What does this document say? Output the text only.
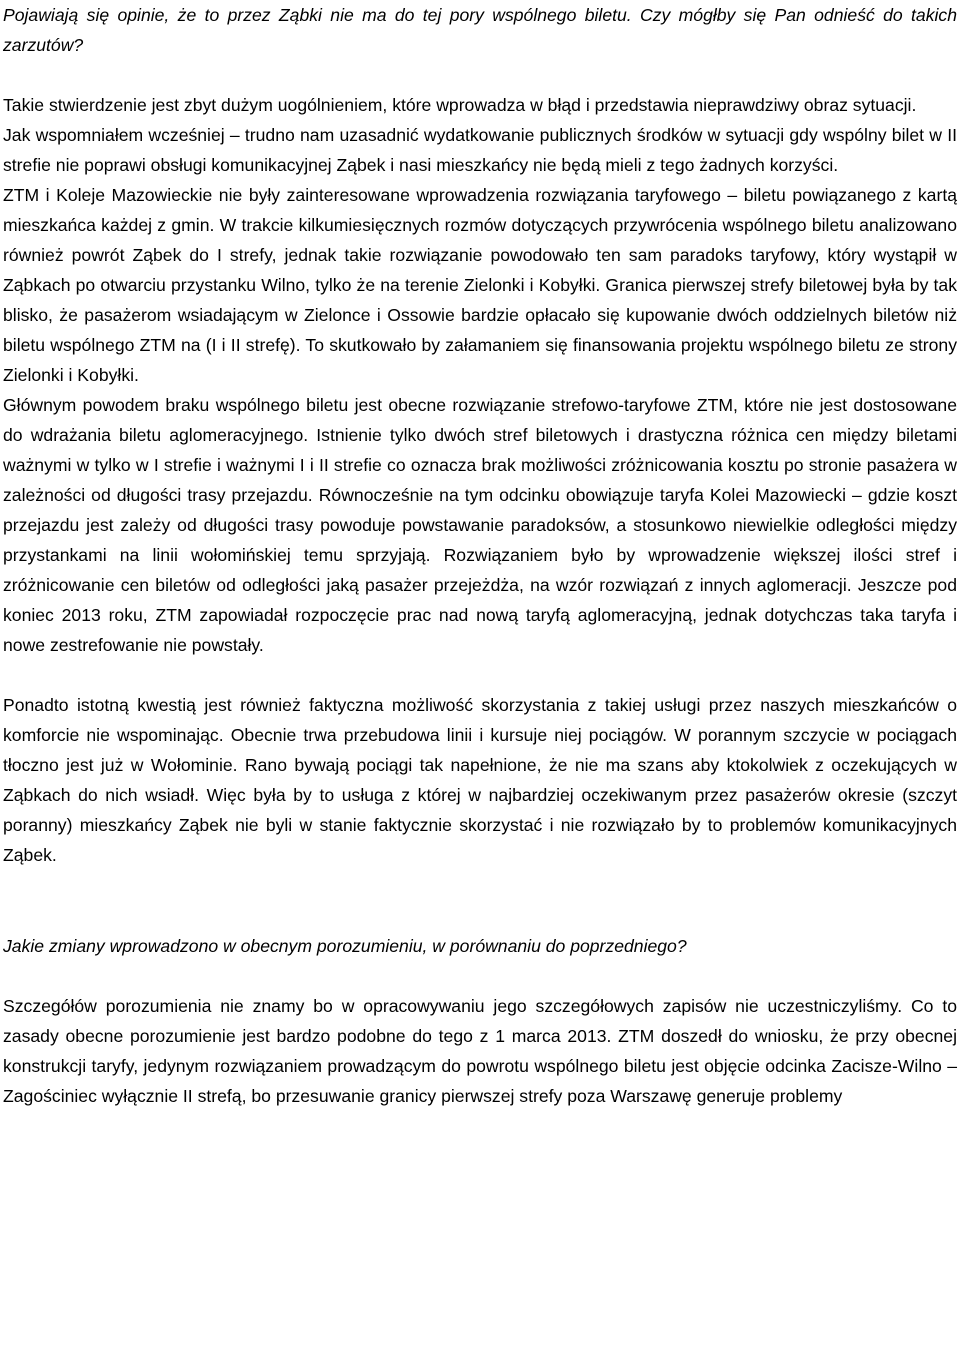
Pojawiają się opinie, że to przez Ząbki nie ma do tej pory wspólnego biletu. Czy mógłby się Pan odnieść do takich zarzutów?

Takie stwierdzenie jest zbyt dużym uogólnieniem, które wprowadza w błąd i przedstawia nieprawdziwy obraz sytuacji.

Jak wspomniałem wcześniej – trudno nam uzasadnić wydatkowanie publicznych środków w sytuacji gdy wspólny bilet w II strefie nie poprawi obsługi komunikacyjnej Ząbek i nasi mieszkańcy nie będą mieli z tego żadnych korzyści.

ZTM i Koleje Mazowieckie nie były zainteresowane wprowadzenia rozwiązania taryfowego – biletu powiązanego z kartą mieszkańca każdej z gmin. W trakcie kilkumiesięcznych rozmów dotyczących przywrócenia wspólnego biletu analizowano również powrót Ząbek do I strefy, jednak takie rozwiązanie powodowało ten sam paradoks taryfowy, który wystąpił w Ząbkach po otwarciu przystanku Wilno, tylko że na terenie Zielonki i Kobyłki. Granica pierwszej strefy biletowej była by tak blisko, że pasażerom wsiadającym w Zielonce i Ossowie bardzie opłacało się kupowanie dwóch oddzielnych biletów niż biletu wspólnego ZTM na (I i II strefę). To skutkowało by załamaniem się finansowania projektu wspólnego biletu ze strony Zielonki i Kobyłki.

Głównym powodem braku wspólnego biletu jest obecne rozwiązanie strefowo-taryfowe ZTM, które nie jest dostosowane do wdrażania biletu aglomeracyjnego. Istnienie tylko dwóch stref biletowych i drastyczna różnica cen między biletami ważnymi w tylko w I strefie i ważnymi I i II strefie co oznacza brak możliwości zróżnicowania kosztu po stronie pasażera w zależności od długości trasy przejazdu. Równocześnie na tym odcinku obowiązuje taryfa Kolei Mazowiecki – gdzie koszt przejazdu jest zależy od długości trasy powoduje powstawanie paradoksów, a stosunkowo niewielkie odległości między przystankami na linii wołomińskiej temu sprzyjają. Rozwiązaniem było by wprowadzenie większej ilości stref i zróżnicowanie cen biletów od odległości jaką pasażer przejeżdża, na wzór rozwiązań z innych aglomeracji. Jeszcze pod koniec 2013 roku, ZTM zapowiadał rozpoczęcie prac nad nową taryfą aglomeracyjną, jednak dotychczas taka taryfa i nowe zestrefowanie nie powstały.

Ponadto istotną kwestią jest również faktyczna możliwość skorzystania z takiej usługi przez naszych mieszkańców o komforcie nie wspominając. Obecnie trwa przebudowa linii i kursuje niej pociągów. W porannym szczycie w pociągach tłoczno jest już w Wołominie. Rano bywają pociągi tak napełnione, że nie ma szans aby ktokolwiek z oczekujących w Ząbkach do nich wsiadł. Więc była by to usługa z której w najbardziej oczekiwanym przez pasażerów okresie (szczyt poranny) mieszkańcy Ząbek nie byli w stanie faktycznie skorzystać i nie rozwiązało by to problemów komunikacyjnych Ząbek.

Jakie zmiany wprowadzono w obecnym porozumieniu, w porównaniu do poprzedniego?

Szczegółów porozumienia nie znamy bo w opracowywaniu jego szczegółowych zapisów nie uczestniczyliśmy. Co to zasady obecne porozumienie jest bardzo podobne do tego z 1 marca 2013. ZTM doszedł do wniosku, że przy obecnej konstrukcji taryfy, jedynym rozwiązaniem prowadzącym do powrotu wspólnego biletu jest objęcie odcinka Zacisze-Wilno – Zagościniec wyłącznie II strefą, bo przesuwanie granicy pierwszej strefy poza Warszawę generuje problemy
